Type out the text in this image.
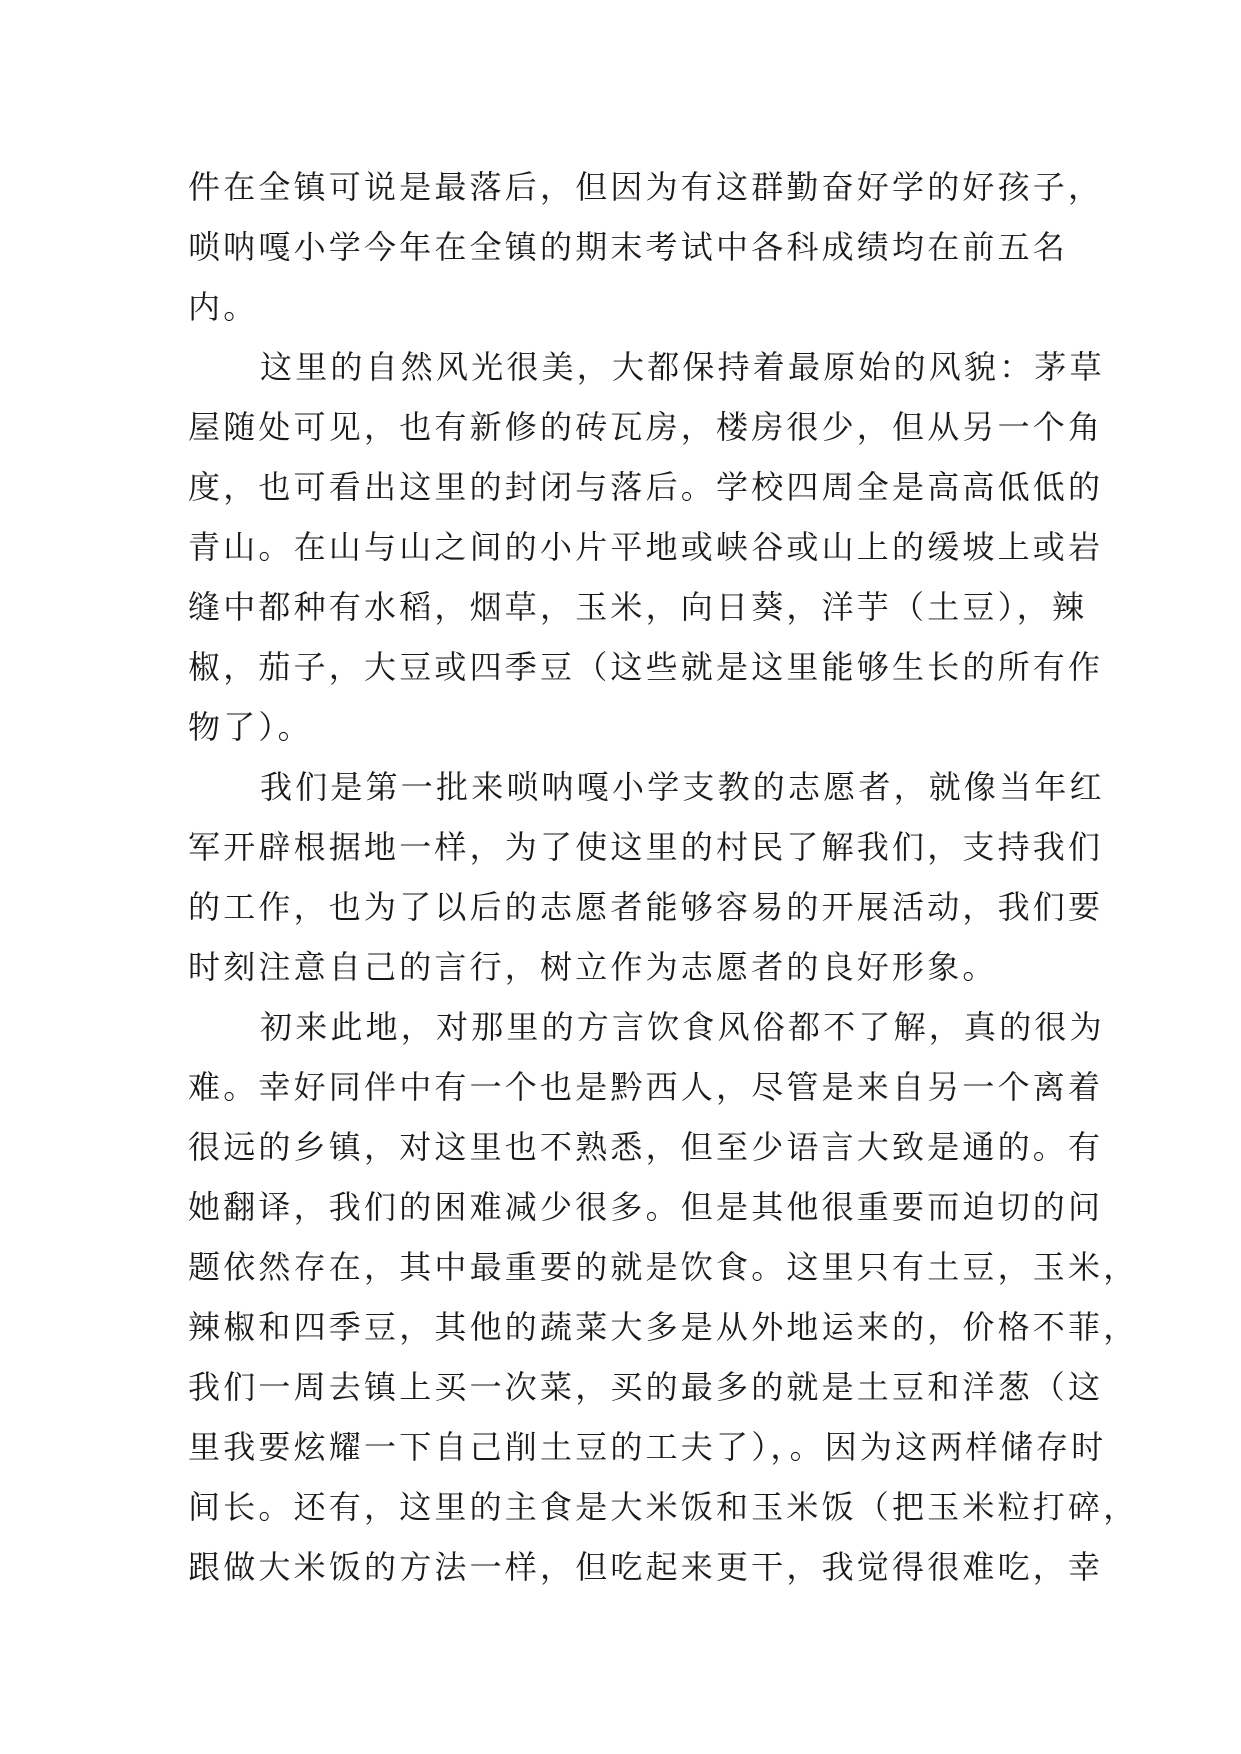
件在全镇可说是最落后，但因为有这群勤奋好学的好孩子，
唢呐嘎小学今年在全镇的期末考试中各科成绩均在前五名
内。
这里的自然风光很美，大都保持着最原始的风貌：茅草
屋随处可见，也有新修的砖瓦房，楼房很少，但从另一个角
度，也可看出这里的封闭与落后。学校四周全是高高低低的
青山。在山与山之间的小片平地或峡谷或山上的缓坡上或岩
缝中都种有水稻，烟草，玉米，向日葵，洋芋（土豆），辣
椒，茄子，大豆或四季豆（这些就是这里能够生长的所有作
物了）。
我们是第一批来唢呐嘎小学支教的志愿者，就像当年红
军开辟根据地一样，为了使这里的村民了解我们，支持我们
的工作，也为了以后的志愿者能够容易的开展活动，我们要
时刻注意自己的言行，树立作为志愿者的良好形象。
初来此地，对那里的方言饮食风俗都不了解，真的很为
难。幸好同伴中有一个也是黔西人，尽管是来自另一个离着
很远的乡镇，对这里也不熟悉，但至少语言大致是通的。有
她翻译，我们的困难减少很多。但是其他很重要而迫切的问
题依然存在，其中最重要的就是饮食。这里只有土豆，玉米，
辣椒和四季豆，其他的蔬菜大多是从外地运来的，价格不菲，
我们一周去镇上买一次菜，买的最多的就是土豆和洋葱（这
里我要炫耀一下自己削土豆的工夫了），。因为这两样储存时
间长。还有，这里的主食是大米饭和玉米饭（把玉米粒打碎，
跟做大米饭的方法一样，但吃起来更干，我觉得很难吃，幸
